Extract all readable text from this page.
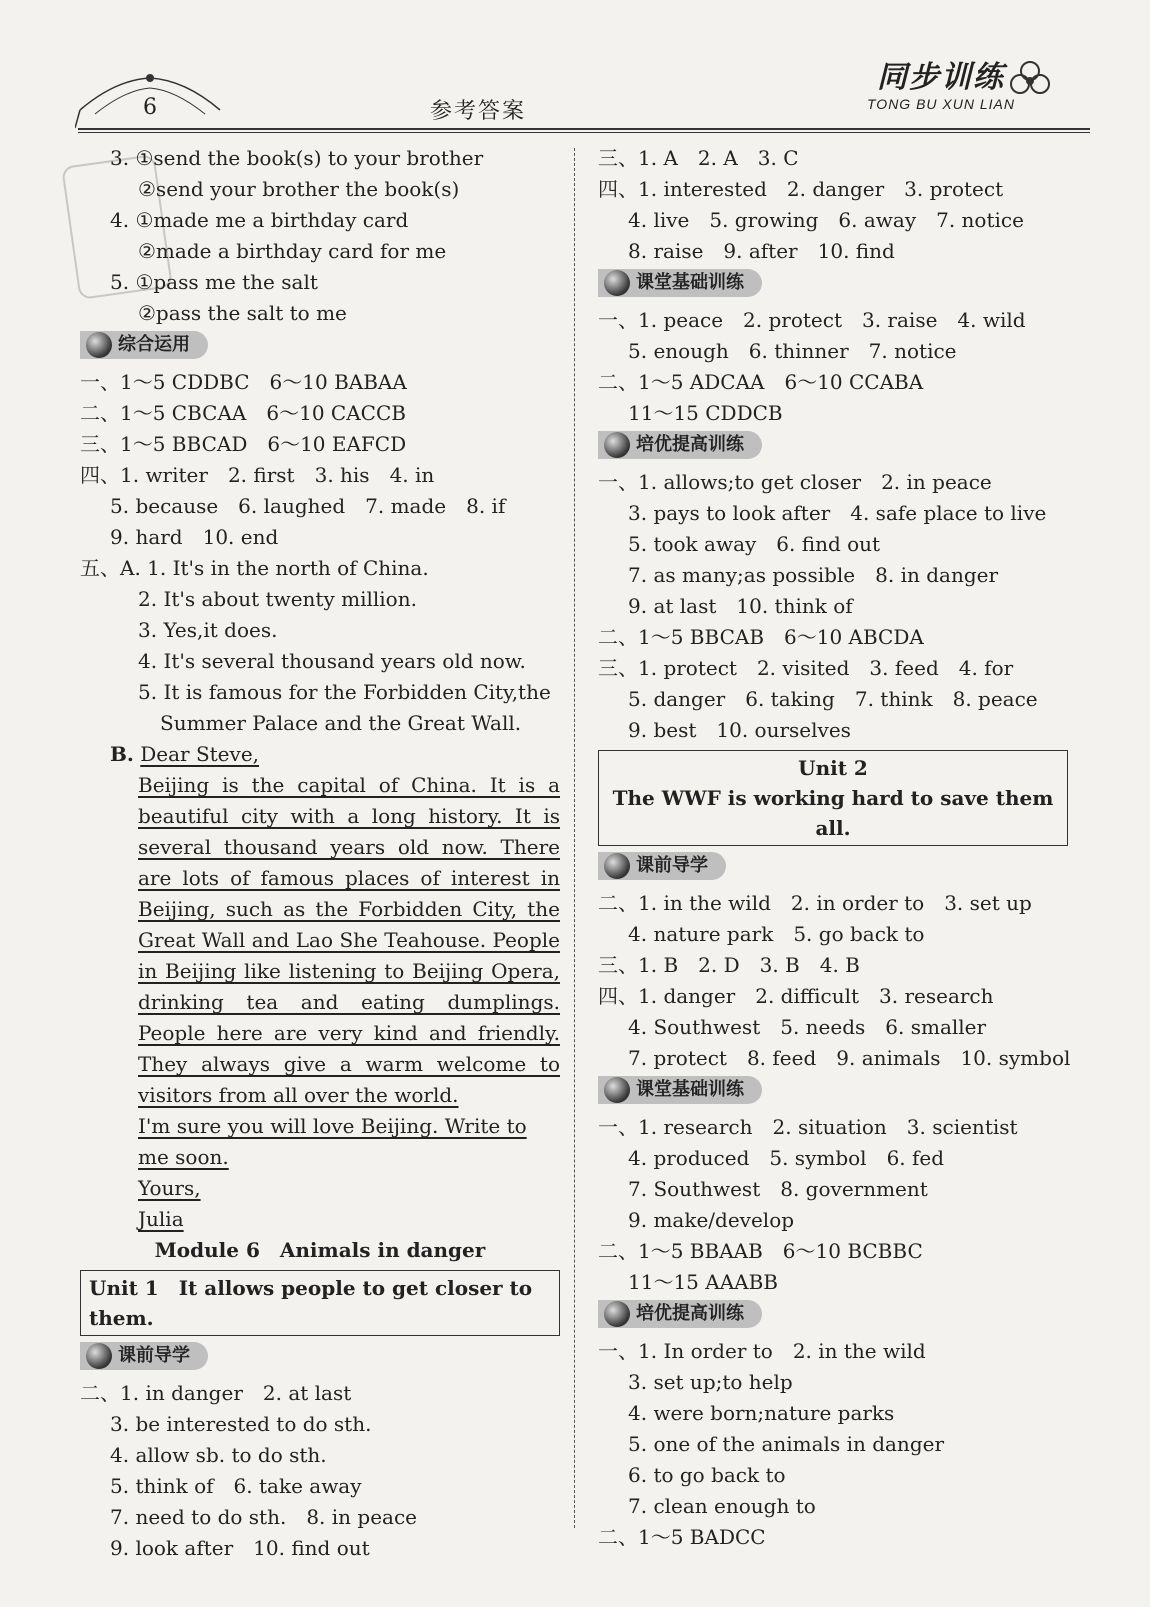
6	参考答案
同步训练
TONG BU XUN LIAN
3. ①send the book(s) to your brother
②send your brother the book(s)
4. ①made me a birthday card
②made a birthday card for me
5. ①pass me the salt
②pass the salt to me
综合运用
一、1～5 CDDBC　6～10 BABAA
二、1～5 CBCAA　6～10 CACCB
三、1～5 BBCAD　6～10 EAFCD
四、1. writer　2. first　3. his　4. in
5. because　6. laughed　7. made　8. if
9. hard　10. end
五、A. 1. It's in the north of China.
2. It's about twenty million.
3. Yes,it does.
4. It's several thousand years old now.
5. It is famous for the Forbidden City,the
Summer Palace and the Great Wall.
B. Dear Steve,
Beijing is the capital of China. It is a beautiful city with a long history. It is several thousand years old now. There are lots of famous places of interest in Beijing, such as the Forbidden City, the Great Wall and Lao She Teahouse. People in Beijing like listening to Beijing Opera, drinking tea and eating dumplings. People here are very kind and friendly. They always give a warm welcome to visitors from all over the world.
I'm sure you will love Beijing. Write to
me soon.
Yours,
Julia
Module 6　Animals in danger
Unit 1　It allows people to get closer to them.
课前导学
二、1. in danger　2. at last
3. be interested to do sth.
4. allow sb. to do sth.
5. think of　6. take away
7. need to do sth.　8. in peace
9. look after　10. find out
三、1. A　2. A　3. C
四、1. interested　2. danger　3. protect
4. live　5. growing　6. away　7. notice
8. raise　9. after　10. find
课堂基础训练
一、1. peace　2. protect　3. raise　4. wild
5. enough　6. thinner　7. notice
二、1～5 ADCAA　6～10 CCABA
11～15 CDDCB
培优提高训练
一、1. allows;to get closer　2. in peace
3. pays to look after　4. safe place to live
5. took away　6. find out
7. as many;as possible　8. in danger
9. at last　10. think of
二、1～5 BBCAB　6～10 ABCDA
三、1. protect　2. visited　3. feed　4. for
5. danger　6. taking　7. think　8. peace
9. best　10. ourselves
Unit 2
The WWF is working hard to save them all.
课前导学
二、1. in the wild　2. in order to　3. set up
4. nature park　5. go back to
三、1. B　2. D　3. B　4. B
四、1. danger　2. difficult　3. research
4. Southwest　5. needs　6. smaller
7. protect　8. feed　9. animals　10. symbol
课堂基础训练
一、1. research　2. situation　3. scientist
4. produced　5. symbol　6. fed
7. Southwest　8. government
9. make/develop
二、1～5 BBAAB　6～10 BCBBC
11～15 AAABB
培优提高训练
一、1. In order to　2. in the wild
3. set up;to help
4. were born;nature parks
5. one of the animals in danger
6. to go back to
7. clean enough to
二、1～5 BADCC
